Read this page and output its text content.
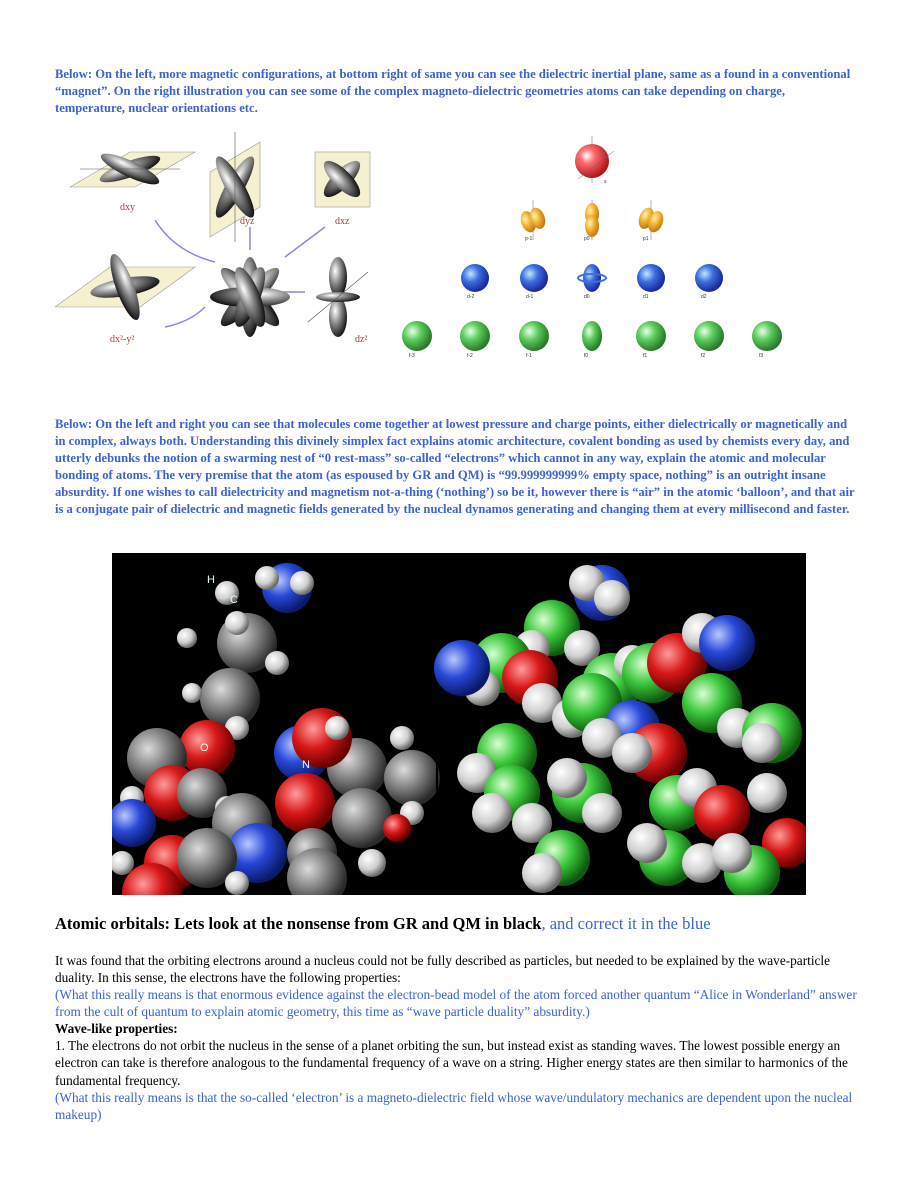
Below: On the left, more magnetic configurations, at bottom right of same you can see the dielectric inertial plane, same as a found in a conventional “magnet”. On the right illustration you can see some of the complex magneto-dielectric geometries atoms can take depending on charge, temperature, nuclear orientations etc.
dxy
dyz	dxz
dx²-y²	dz²
s
p-1	p0	p1
d-2	d-1	d0	d1	d2
f-3	f-2	f-1	f0	f1	f2	f3
Below: On the left and right you can see that molecules come together at lowest pressure and charge points, either dielectrically or magnetically and in complex, always both. Understanding this divinely simplex fact explains atomic architecture, covalent bonding as used by chemists every day, and utterly debunks the notion of a swarming nest of “0 rest-mass” so-called “electrons” which cannot in any way, explain the atomic and molecular bonding of atoms. The very premise that the atom (as espoused by GR and QM) is “99.999999999% empty space, nothing” is an outright insane absurdity. If one wishes to call dielectricity and magnetism not-a-thing (‘nothing’) so be it, however there is “air” in the atomic ‘balloon’, and that air is a conjugate pair of dielectric and magnetic fields generated by the nucleal dynamos generating and changing them at every millisecond and faster.
H
C
N
O
Atomic orbitals: Lets look at the nonsense from GR and QM in black, and correct it in the blue
It was found that the orbiting electrons around a nucleus could not be fully described as particles, but needed to be explained by the wave-particle duality. In this sense, the electrons have the following properties:
(What this really means is that enormous evidence against the electron-bead model of the atom forced another quantum “Alice in Wonderland” answer from the cult of quantum to explain atomic geometry, this time as “wave particle duality” absurdity.)
Wave-like properties:
1. The electrons do not orbit the nucleus in the sense of a planet orbiting the sun, but instead exist as standing waves. The lowest possible energy an electron can take is therefore analogous to the fundamental frequency of a wave on a string. Higher energy states are then similar to harmonics of the fundamental frequency.
(What this really means is that the so-called ‘electron’ is a magneto-dielectric field whose wave/undulatory mechanics are dependent upon the nucleal makeup)
